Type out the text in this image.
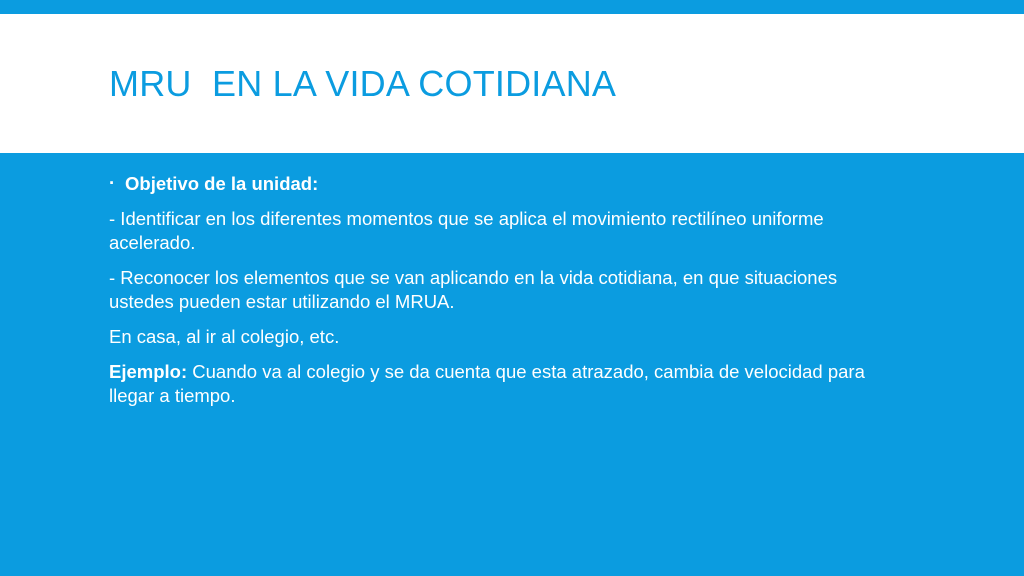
MRU  EN LA VIDA COTIDIANA
· Objetivo de la unidad:

- Identificar en los diferentes momentos que se aplica el movimiento rectilíneo uniforme acelerado.

- Reconocer los elementos que se van aplicando en la vida cotidiana, en que situaciones ustedes pueden estar utilizando el MRUA.

En casa, al ir al colegio, etc.

Ejemplo: Cuando va al colegio y se da cuenta que esta atrazado, cambia de velocidad para llegar a tiempo.
